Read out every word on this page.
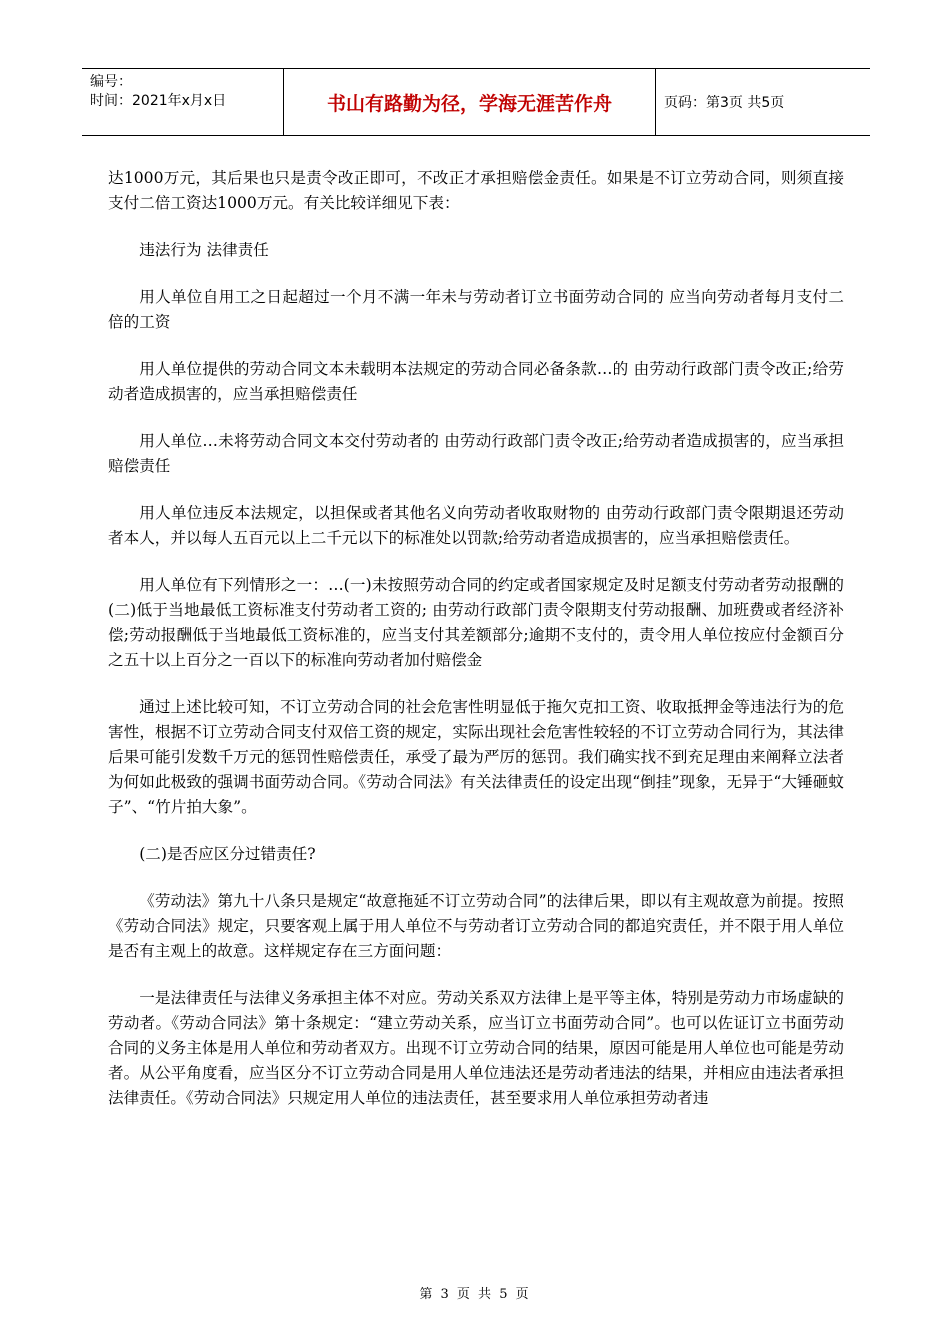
编号：
时间：2021年x月x日	书山有路勤为径，学海无涯苦作舟	页码：第3页 共5页

达1000万元，其后果也只是责令改正即可，不改正才承担赔偿金责任。如果是不订立劳动合同，则须直接支付二倍工资达1000万元。有关比较详细见下表：

违法行为 法律责任

用人单位自用工之日起超过一个月不满一年未与劳动者订立书面劳动合同的 应当向劳动者每月支付二倍的工资

用人单位提供的劳动合同文本未载明本法规定的劳动合同必备条款…的 由劳动行政部门责令改正;给劳动者造成损害的，应当承担赔偿责任

用人单位…未将劳动合同文本交付劳动者的 由劳动行政部门责令改正;给劳动者造成损害的，应当承担赔偿责任

用人单位违反本法规定，以担保或者其他名义向劳动者收取财物的 由劳动行政部门责令限期退还劳动者本人，并以每人五百元以上二千元以下的标准处以罚款;给劳动者造成损害的，应当承担赔偿责任。

用人单位有下列情形之一：…(一)未按照劳动合同的约定或者国家规定及时足额支付劳动者劳动报酬的(二)低于当地最低工资标准支付劳动者工资的; 由劳动行政部门责令限期支付劳动报酬、加班费或者经济补偿;劳动报酬低于当地最低工资标准的，应当支付其差额部分;逾期不支付的，责令用人单位按应付金额百分之五十以上百分之一百以下的标准向劳动者加付赔偿金

通过上述比较可知，不订立劳动合同的社会危害性明显低于拖欠克扣工资、收取抵押金等违法行为的危害性，根据不订立劳动合同支付双倍工资的规定，实际出现社会危害性较轻的不订立劳动合同行为，其法律后果可能引发数千万元的惩罚性赔偿责任，承受了最为严厉的惩罚。我们确实找不到充足理由来阐释立法者为何如此极致的强调书面劳动合同。《劳动合同法》有关法律责任的设定出现“倒挂”现象，无异于“大锤砸蚊子”、“竹片拍大象”。

(二)是否应区分过错责任?

《劳动法》第九十八条只是规定“故意拖延不订立劳动合同”的法律后果，即以有主观故意为前提。按照《劳动合同法》规定，只要客观上属于用人单位不与劳动者订立劳动合同的都追究责任，并不限于用人单位是否有主观上的故意。这样规定存在三方面问题：

一是法律责任与法律义务承担主体不对应。劳动关系双方法律上是平等主体，特别是劳动力市场虚缺的劳动者。《劳动合同法》第十条规定：“建立劳动关系，应当订立书面劳动合同”。也可以佐证订立书面劳动合同的义务主体是用人单位和劳动者双方。出现不订立劳动合同的结果，原因可能是用人单位也可能是劳动者。从公平角度看，应当区分不订立劳动合同是用人单位违法还是劳动者违法的结果，并相应由违法者承担法律责任。《劳动合同法》只规定用人单位的违法责任，甚至要求用人单位承担劳动者违

第 3 页 共 5 页
